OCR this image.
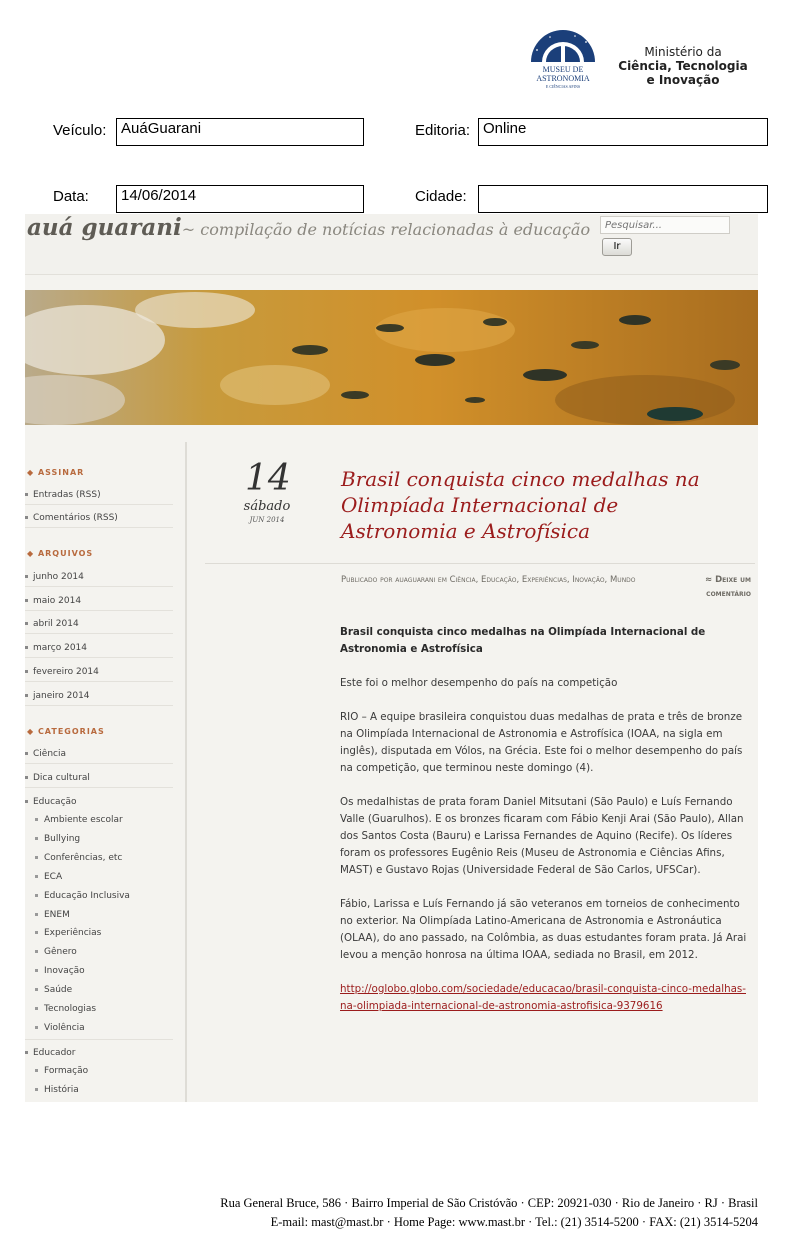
MUSEU DE
ASTRONOMIA
E CIÊNCIAS AFINS
Ministério da
Ciência, Tecnologia
e Inovação
Veículo: AuáGuarani	Editoria: Online
Data:	14/06/2014	Cidade:
auá guarani~ compilação de notícias relacionadas à educação
Pesquisar...
Ir
◆ ASSINAR
Entradas (RSS)
Comentários (RSS)
◆ ARQUIVOS
junho 2014
maio 2014
abril 2014
março 2014
fevereiro 2014
janeiro 2014
◆ CATEGORIAS
Ciência
Dica cultural
Educação
Ambiente escolar
Bullying
Conferências, etc
ECA
Educação Inclusiva
ENEM
Experiências
Gênero
Inovação
Saúde
Tecnologias
Violência
Educador
Formação
História
14
sábado
JUN 2014
Brasil conquista cinco medalhas na Olimpíada Internacional de Astronomia e Astrofísica
Publicado por auaguarani em Ciência, Educação, Experiências, Inovação, Mundo	≈ Deixe um comentário

Brasil conquista cinco medalhas na Olimpíada Internacional de Astronomia e Astrofísica

Este foi o melhor desempenho do país na competição

RIO – A equipe brasileira conquistou duas medalhas de prata e três de bronze na Olimpíada Internacional de Astronomia e Astrofísica (IOAA, na sigla em inglês), disputada em Vólos, na Grécia. Este foi o melhor desempenho do país na competição, que terminou neste domingo (4).

Os medalhistas de prata foram Daniel Mitsutani (São Paulo) e Luís Fernando Valle (Guarulhos). E os bronzes ficaram com Fábio Kenji Arai (São Paulo), Allan dos Santos Costa (Bauru) e Larissa Fernandes de Aquino (Recife). Os líderes foram os professores Eugênio Reis (Museu de Astronomia e Ciências Afins, MAST) e Gustavo Rojas (Universidade Federal de São Carlos, UFSCar).

Fábio, Larissa e Luís Fernando já são veteranos em torneios de conhecimento no exterior. Na Olimpíada Latino-Americana de Astronomia e Astronáutica (OLAA), do ano passado, na Colômbia, as duas estudantes foram prata. Já Arai levou a menção honrosa na última IOAA, sediada no Brasil, em 2012.

http://oglobo.globo.com/sociedade/educacao/brasil-conquista-cinco-medalhas-na-olimpiada-internacional-de-astronomia-astrofisica-9379616

Rua General Bruce, 586 · Bairro Imperial de São Cristóvão · CEP: 20921-030 · Rio de Janeiro · RJ · Brasil
E-mail: mast@mast.br · Home Page: www.mast.br · Tel.: (21) 3514-5200 · FAX: (21) 3514-5204
